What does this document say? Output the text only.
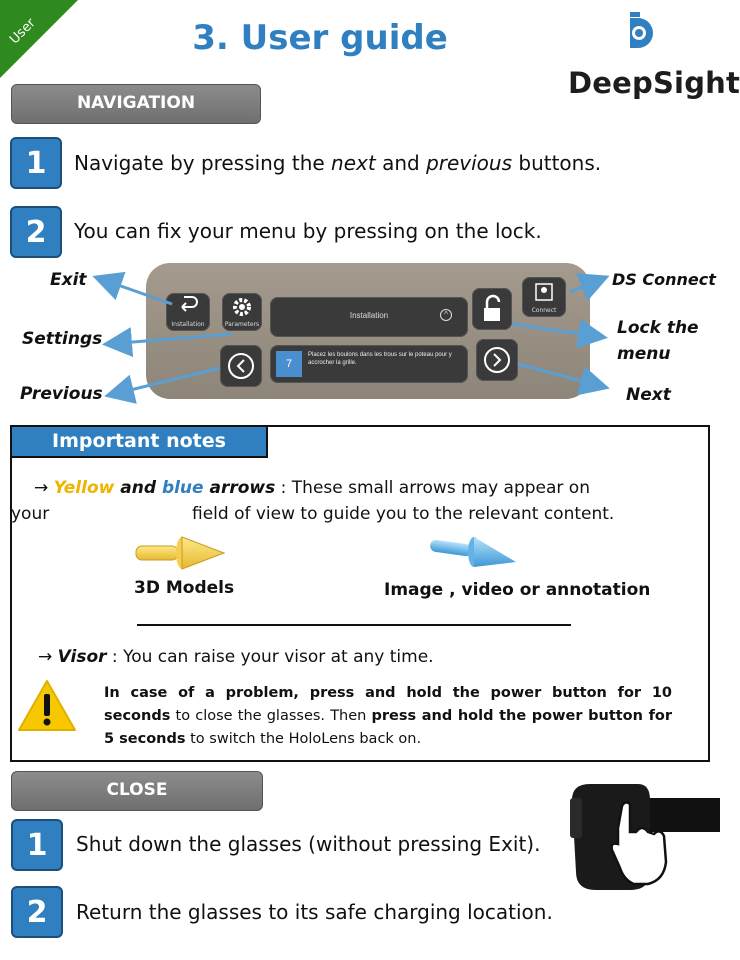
User	3. User guide
DeepSight
NAVIGATION
1	Navigate by pressing the next and previous buttons.
2	You can fix your menu by pressing on the lock.
Installation	Parameters
Installation	^	Connect
7
Placez les boulons dans les trous sur le poteau pour y accrocher la grille.
Exit
Settings
Previous
DS Connect
Lock the
menu
Next
Important notes
→ Yellow and blue arrows : These small arrows may appear on
your	field of view to guide you to the relevant content.
3D Models	Image , video or annotation
→ Visor : You can raise your visor at any time.
In case of a problem, press and hold the power button for 10 seconds to close the glasses. Then press and hold the power button for 5 seconds to switch the HoloLens back on.
CLOSE
1	Shut down the glasses (without pressing Exit).
2	Return the glasses to its safe charging location.
